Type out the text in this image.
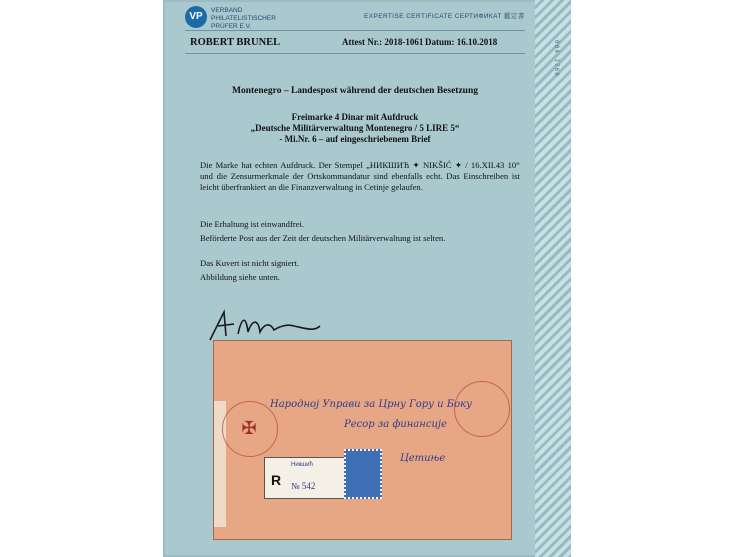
004 1760
VP
VERBAND
PHILATELISTISCHER
PRÜFER E.V.
EXPERTISE CERTIFICATE СЕРТИФИКАТ 鑑定書
ROBERT BRUNEL	Attest Nr.: 2018-1061 Datum: 16.10.2018
Montenegro – Landespost während der deutschen Besetzung
Freimarke 4 Dinar mit Aufdruck
„Deutsche Militärverwaltung Montenegro / 5 LIRE 5“
- Mi.Nr. 6 – auf eingeschriebenem Brief
Die Marke hat echten Aufdruck. Der Stempel „НИКШИЋ ✦ NIKŠIĆ ✦ / 16.XII.43 10“ und die Zensurmerkmale der Ortskommandatur sind ebenfalls echt. Das Einschreiben ist leicht überfrankiert an die Finanzverwaltung in Cetinje gelaufen.
Die Erhaltung ist einwandfrei.
Beförderte Post aus der Zeit der deutschen Militärverwaltung ist selten.
Das Kuvert ist nicht signiert.
Abbildung siehe unten.
✠
Народној Управи за Црну Гору и Боку
Ресор за финансије
Цетиње
R
Никшић
№ 542
